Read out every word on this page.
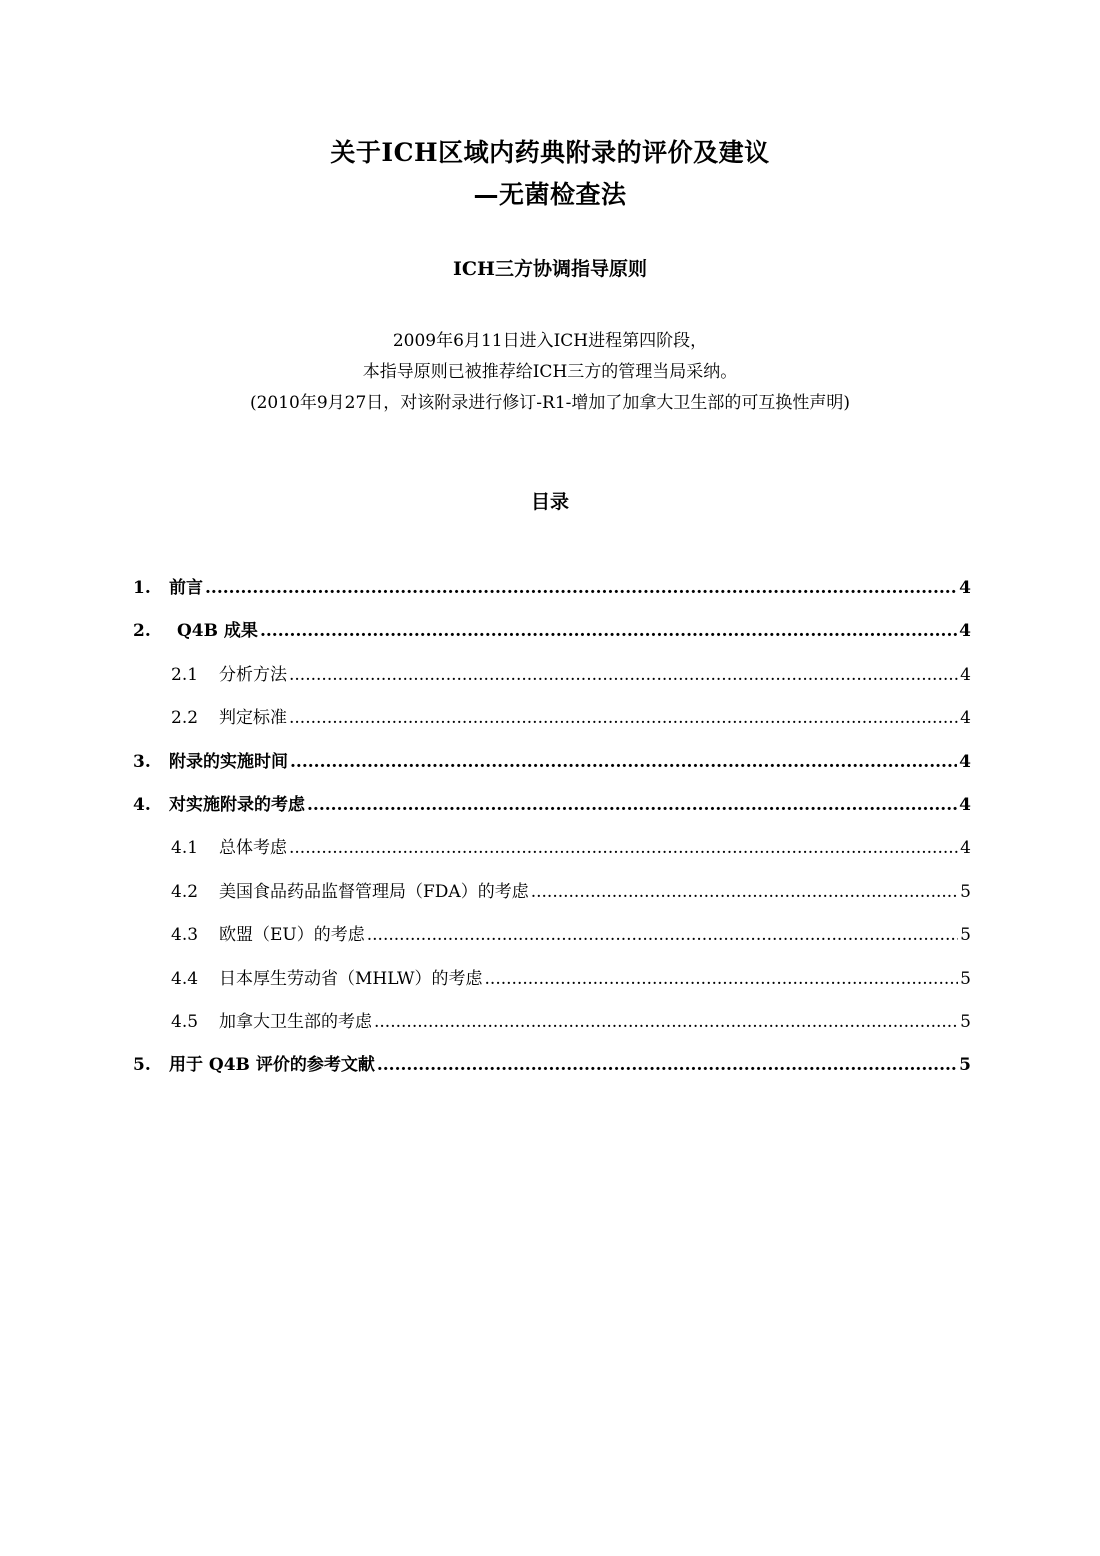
关于ICH区域内药典附录的评价及建议
—无菌检查法
ICH三方协调指导原则
2009年6月11日进入ICH进程第四阶段，
本指导原则已被推荐给ICH三方的管理当局采纳。
(2010年9月27日，对该附录进行修订-R1-增加了加拿大卫生部的可互换性声明)
目录
1.	前言 .....	4
2.	Q4B 成果 .....	4
2.1	分析方法 .....	4
2.2	判定标准 .....	4
3.	附录的实施时间 .....	4
4.	对实施附录的考虑 .....	4
4.1	总体考虑 .....	4
4.2	美国食品药品监督管理局（FDA）的考虑 .....	5
4.3	欧盟（EU）的考虑 .....	5
4.4	日本厚生劳动省（MHLW）的考虑 .....	5
4.5	加拿大卫生部的考虑 .....	5
5.	用于 Q4B 评价的参考文献 .....	5
